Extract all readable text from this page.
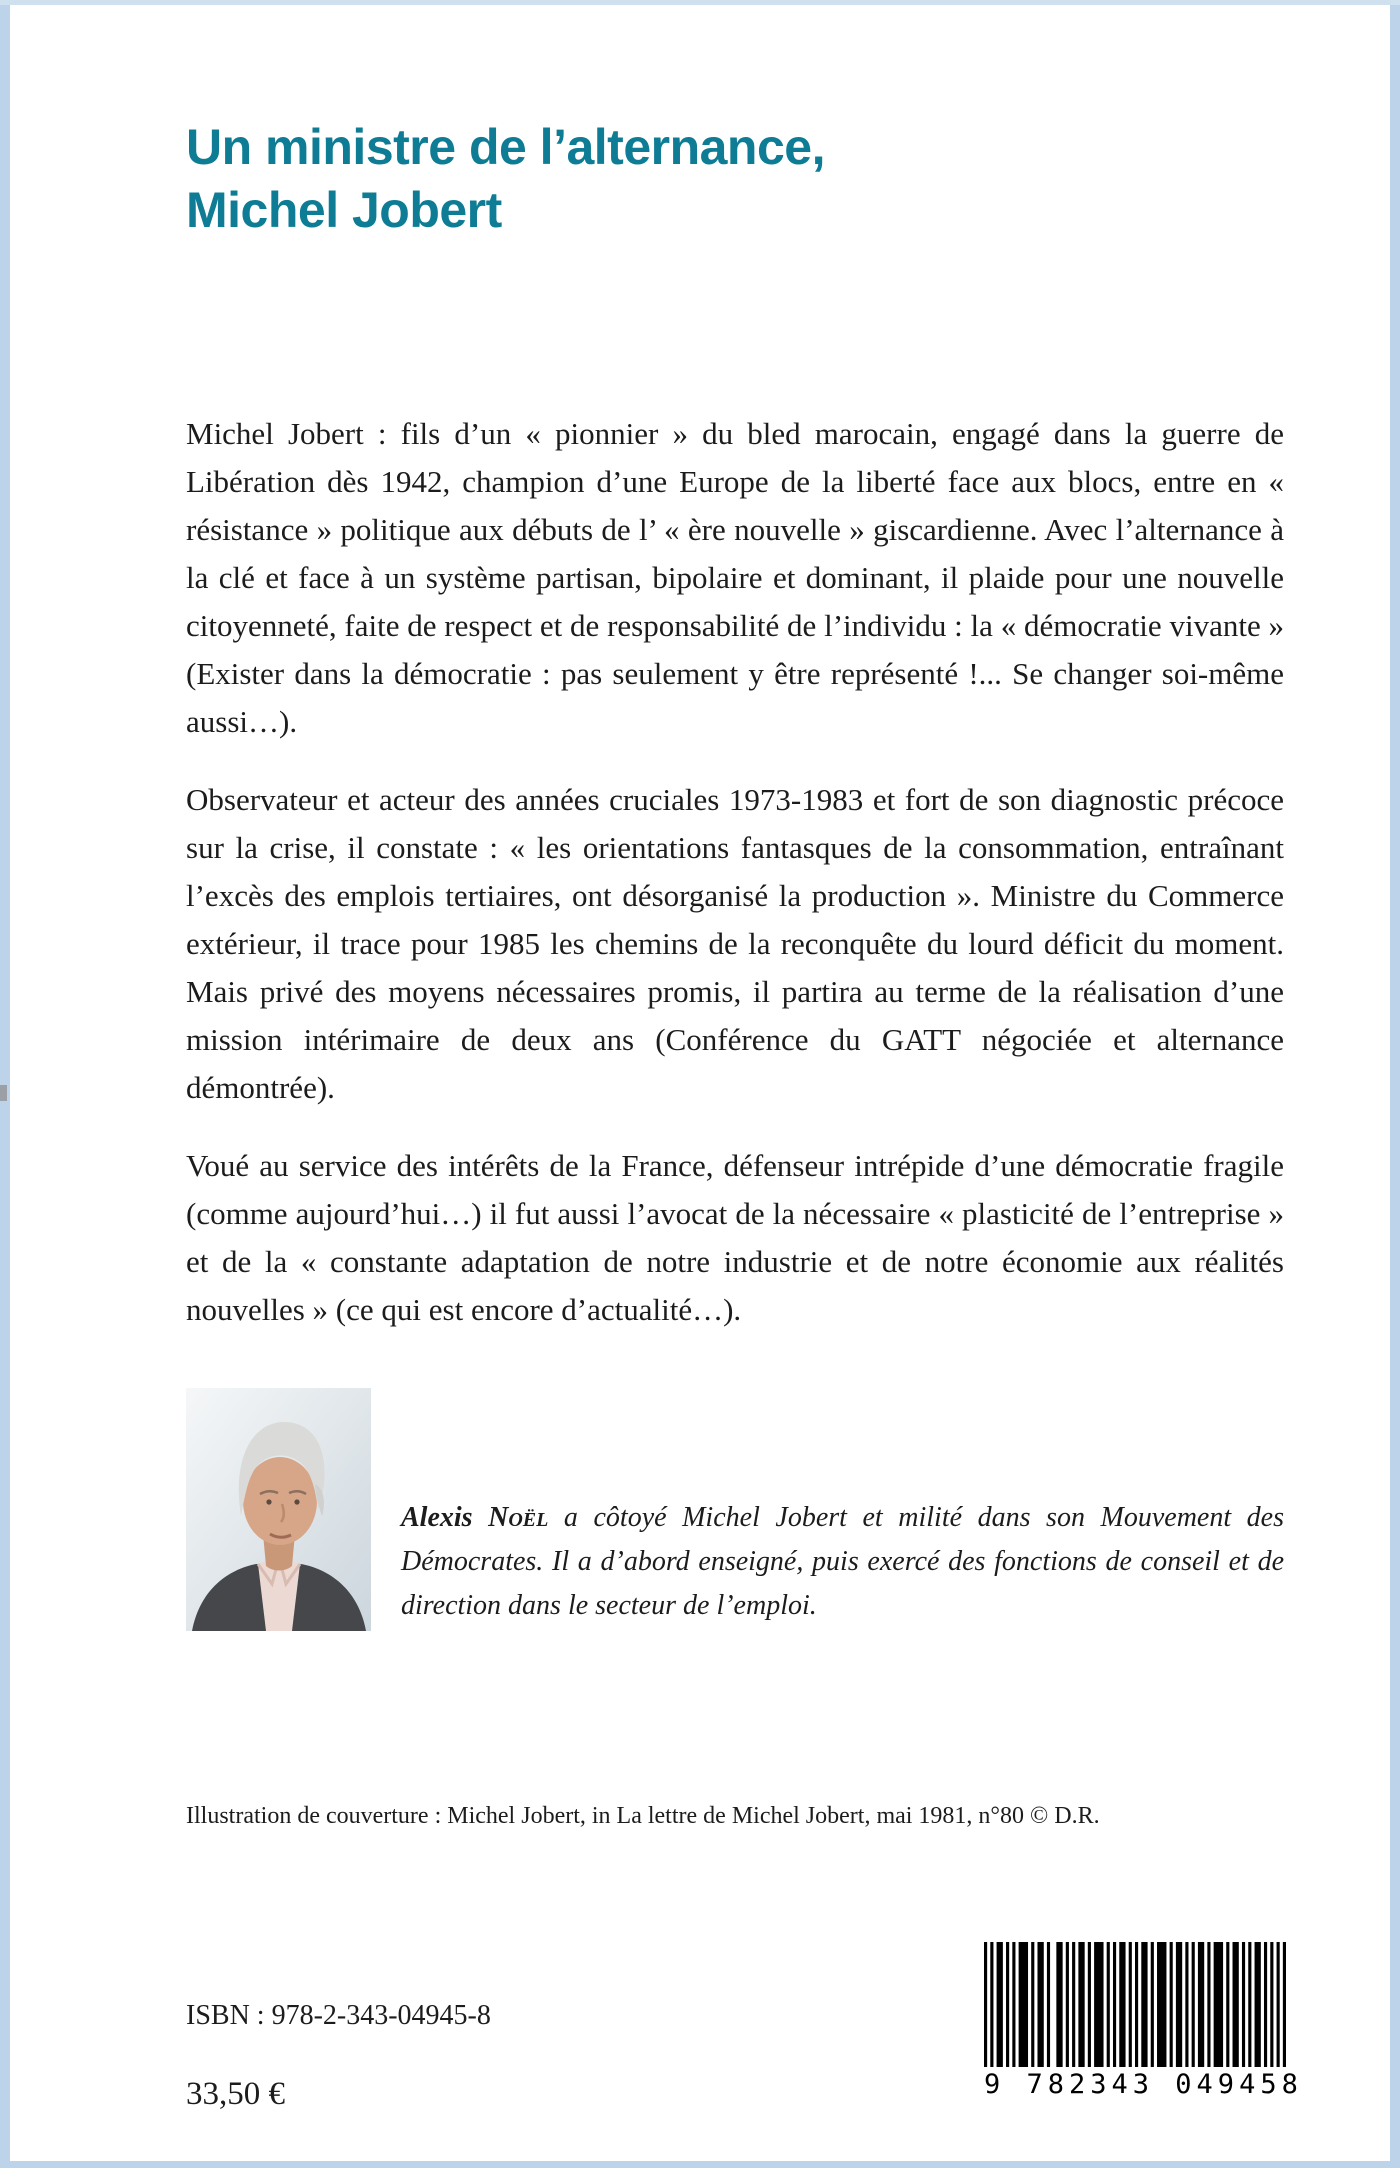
Un ministre de l’alternance,
Michel Jobert

Michel Jobert : fils d’un « pionnier » du bled marocain, engagé dans la guerre de Libération dès 1942, champion d’une Europe de la liberté face aux blocs, entre en « résistance » politique aux débuts de l’ « ère nouvelle » giscardienne. Avec l’alternance à la clé et face à un système partisan, bipolaire et dominant, il plaide pour une nouvelle citoyenneté, faite de respect et de responsabilité de l’individu : la « démocratie vivante » (Exister dans la démocratie : pas seulement y être représenté !... Se changer soi-même aussi…).

Observateur et acteur des années cruciales 1973-1983 et fort de son diagnostic précoce sur la crise, il constate : « les orientations fantasques de la consommation, entraînant l’excès des emplois tertiaires, ont désorganisé la production ». Ministre du Commerce extérieur, il trace pour 1985 les chemins de la reconquête du lourd déficit du moment. Mais privé des moyens nécessaires promis, il partira au terme de la réalisation d’une mission intérimaire de deux ans (Conférence du GATT négociée et alternance démontrée).

Voué au service des intérêts de la France, défenseur intrépide d’une démocratie fragile (comme aujourd’hui…) il fut aussi l’avocat de la nécessaire « plasticité de l’entreprise » et de la « constante adaptation de notre industrie et de notre économie aux réalités nouvelles » (ce qui est encore d’actualité…).

Alexis Noël a côtoyé Michel Jobert et milité dans son Mouvement des Démocrates. Il a d’abord enseigné, puis exercé des fonctions de conseil et de direction dans le secteur de l’emploi.

Illustration de couverture : Michel Jobert, in La lettre de Michel Jobert, mai 1981, n°80 © D.R.

ISBN : 978-2-343-04945-8

33,50 €	9 782343 049458
